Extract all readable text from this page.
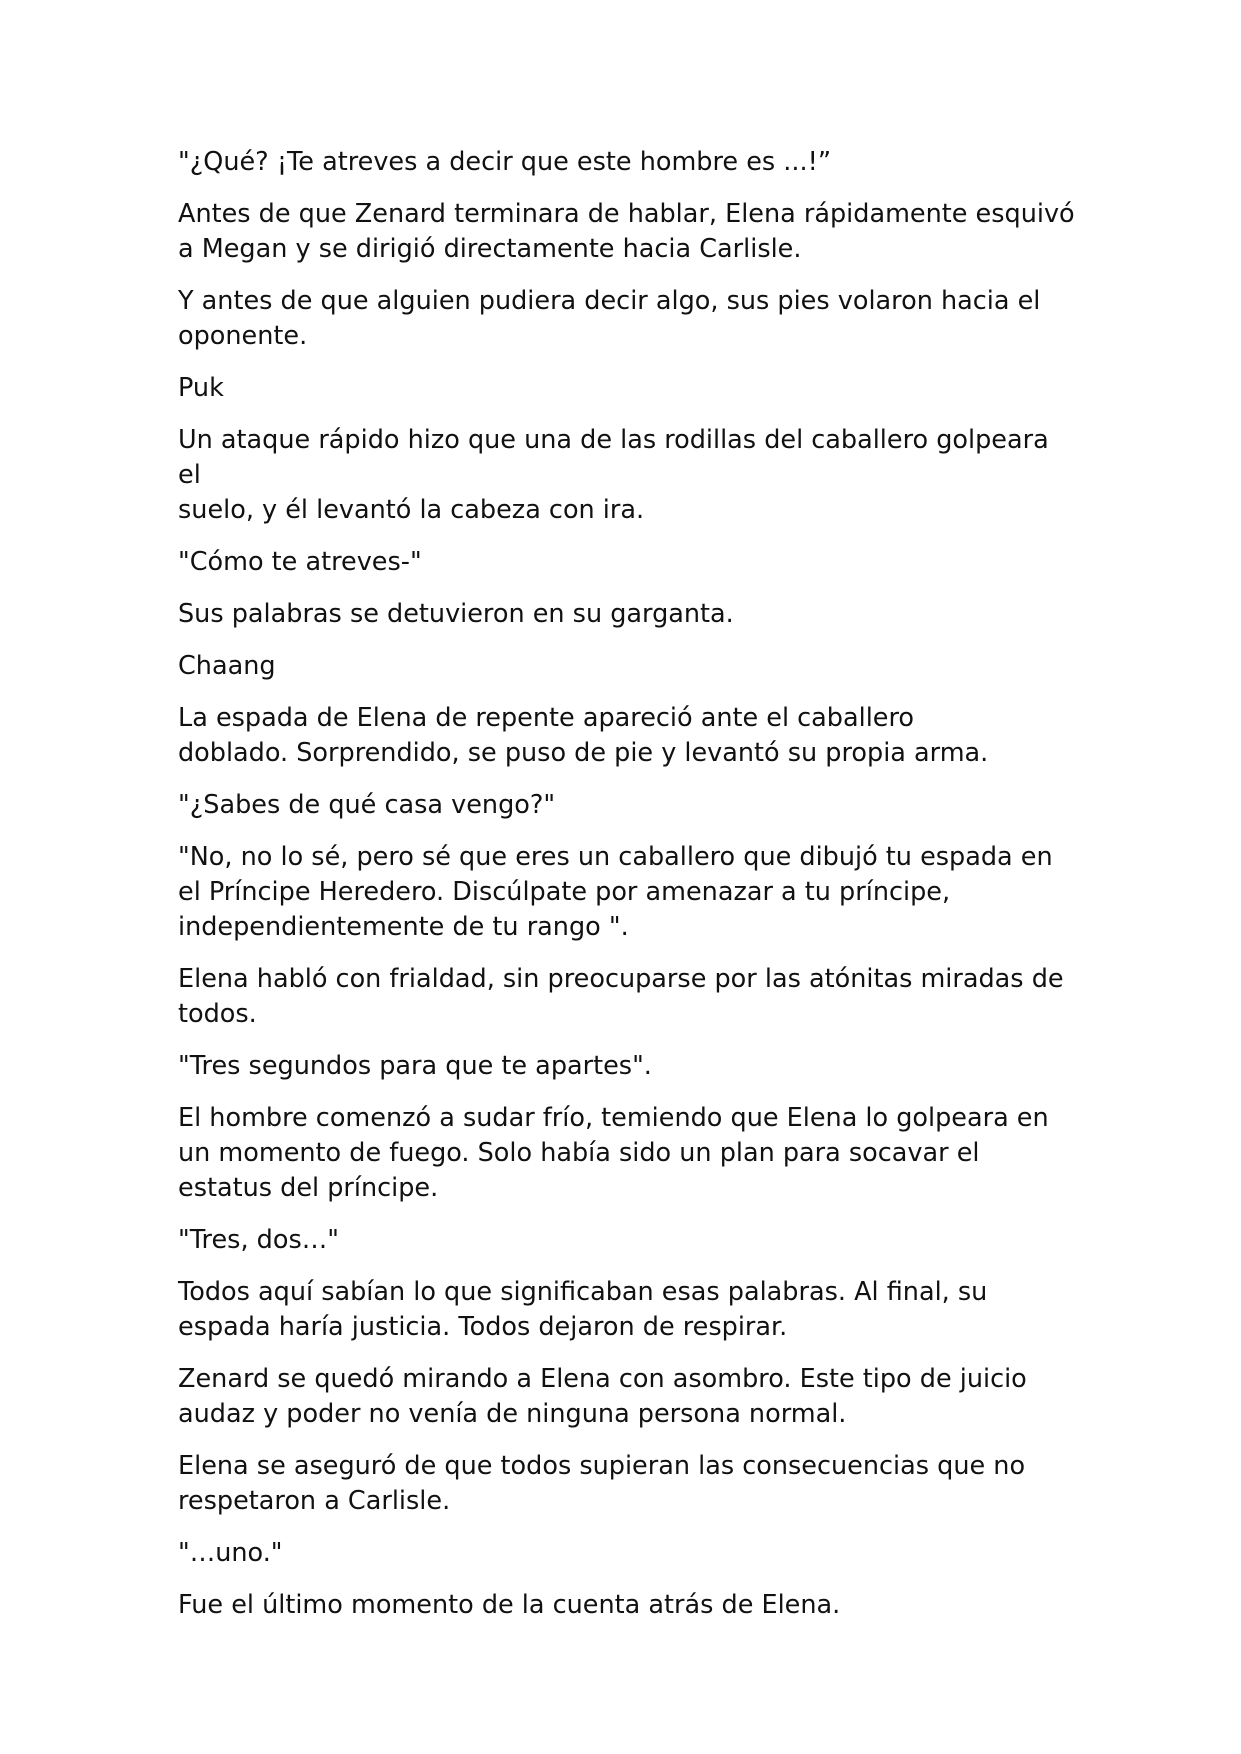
"¿Qué? ¡Te atreves a decir que este hombre es ...!”

Antes de que Zenard terminara de hablar, Elena rápidamente esquivó
a Megan y se dirigió directamente hacia Carlisle.

Y antes de que alguien pudiera decir algo, sus pies volaron hacia el
oponente.

Puk

Un ataque rápido hizo que una de las rodillas del caballero golpeara el
suelo, y él levantó la cabeza con ira.

"Cómo te atreves-"

Sus palabras se detuvieron en su garganta.

Chaang

La espada de Elena de repente apareció ante el caballero
doblado. Sorprendido, se puso de pie y levantó su propia arma.

"¿Sabes de qué casa vengo?"

"No, no lo sé, pero sé que eres un caballero que dibujó tu espada en
el Príncipe Heredero. Discúlpate por amenazar a tu príncipe,
independientemente de tu rango ".

Elena habló con frialdad, sin preocuparse por las atónitas miradas de
todos.

"Tres segundos para que te apartes".

El hombre comenzó a sudar frío, temiendo que Elena lo golpeara en
un momento de fuego. Solo había sido un plan para socavar el
estatus del príncipe.

"Tres, dos…"

Todos aquí sabían lo que significaban esas palabras. Al final, su
espada haría justicia. Todos dejaron de respirar.

Zenard se quedó mirando a Elena con asombro. Este tipo de juicio
audaz y poder no venía de ninguna persona normal.

Elena se aseguró de que todos supieran las consecuencias que no
respetaron a Carlisle.

"…uno."

Fue el último momento de la cuenta atrás de Elena.
